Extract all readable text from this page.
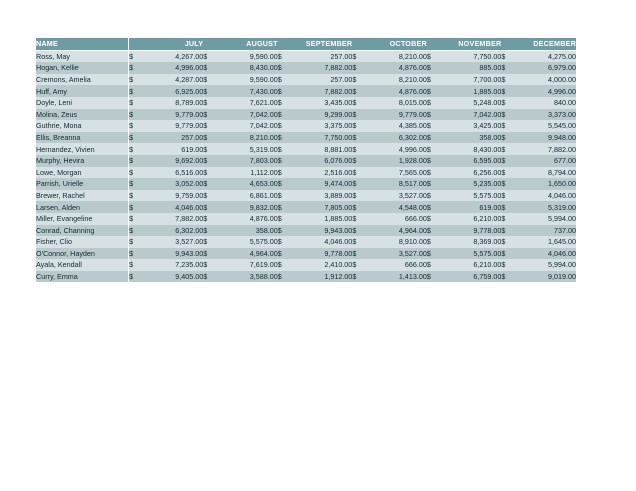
NAME		JULY		AUGUST		SEPTEMBER		OCTOBER		NOVEMBER		DECEMBER
Ross, May	$	4,267.00	$	9,590.00	$	257.00	$	8,210.00	$	7,750.00	$	4,275.00
Hogan, Kellie	$	4,996.00	$	8,430.00	$	7,882.00	$	4,876.00	$	885.00	$	6,979.00
Cremons, Amelia	$	4,287.00	$	9,590.00	$	257.00	$	8,210.00	$	7,700.00	$	4,000.00
Huff, Amy	$	6,925.00	$	7,430.00	$	7,882.00	$	4,876.00	$	1,885.00	$	4,996.00
Doyle, Leni	$	8,789.00	$	7,621.00	$	3,435.00	$	8,015.00	$	5,248.00	$	840.00
Molina, Zeus	$	9,779.00	$	7,042.00	$	9,299.00	$	9,779.00	$	7,042.00	$	3,373.00
Guthrie, Mona	$	9,779.00	$	7,042.00	$	3,375.00	$	4,385.00	$	3,425.00	$	5,545.00
Ellis, Breanna	$	257.00	$	8,210.00	$	7,750.00	$	6,302.00	$	358.00	$	9,948.00
Hernandez, Vivien	$	619.00	$	5,319.00	$	8,881.00	$	4,996.00	$	8,430.00	$	7,882.00
Murphy, Hevira	$	9,692.00	$	7,803.00	$	6,076.00	$	1,928.00	$	6,595.00	$	677.00
Lowe, Morgan	$	6,516.00	$	1,112.00	$	2,516.00	$	7,565.00	$	6,256.00	$	8,794.00
Parrish, Urielle	$	3,052.00	$	4,653.00	$	9,474.00	$	8,517.00	$	5,235.00	$	1,650.00
Brewer, Rachel	$	9,759.00	$	6,861.00	$	3,889.00	$	3,527.00	$	5,575.00	$	4,046.00
Larsen, Alden	$	4,046.00	$	9,832.00	$	7,805.00	$	4,548.00	$	619.00	$	5,319.00
Miller, Evangeline	$	7,882.00	$	4,876.00	$	1,885.00	$	666.00	$	6,210.00	$	5,994.00
Conrad, Channing	$	6,302.00	$	358.00	$	9,943.00	$	4,964.00	$	9,778.00	$	737.00
Fisher, Clio	$	3,527.00	$	5,575.00	$	4,046.00	$	8,910.00	$	8,369.00	$	1,645.00
O'Connor, Hayden	$	9,943.00	$	4,964.00	$	9,778.00	$	3,527.00	$	5,575.00	$	4,046.00
Ayala, Kendall	$	7,235.00	$	7,619.00	$	2,410.00	$	666.00	$	6,210.00	$	5,994.00
Curry, Emma	$	9,405.00	$	3,588.00	$	1,912.00	$	1,413.00	$	6,759.00	$	9,019.00
